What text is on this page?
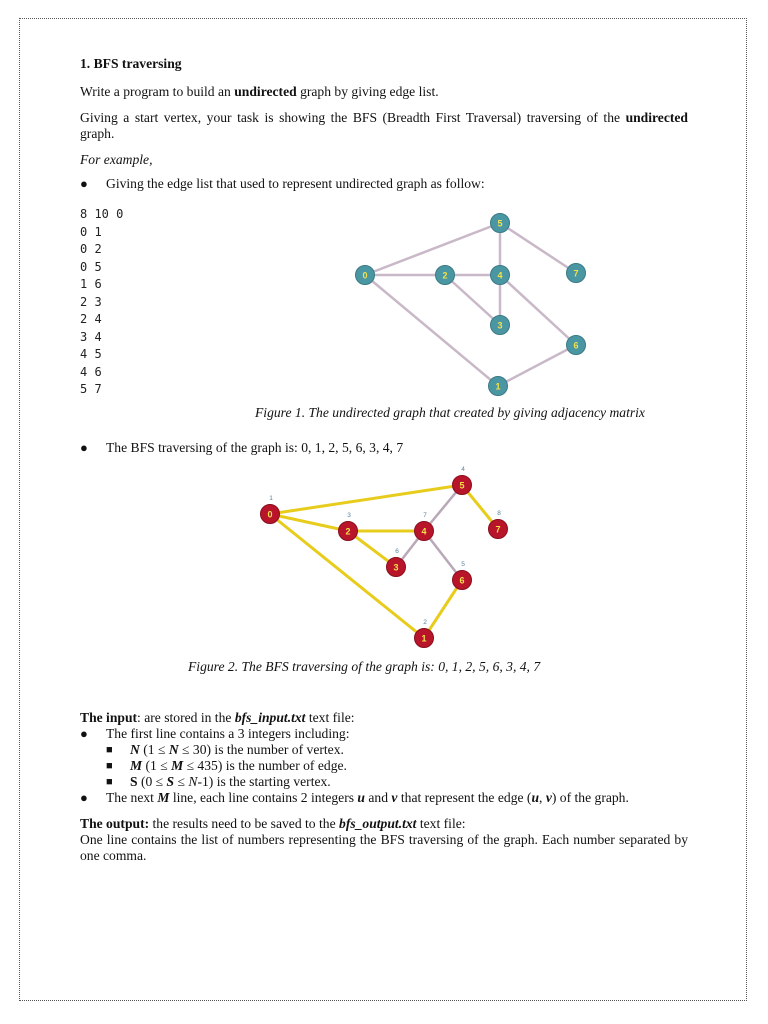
1. BFS traversing

Write a program to build an undirected graph by giving edge list.

Giving a start vertex, your task is showing the BFS (Breadth First Traversal) traversing of the undirected graph.

For example,

●	Giving the edge list that used to represent undirected graph as follow:
8 10 0
0 1
0 2
0 5
1 6
2 3
2 4
3 4
4 5
4 6
5 7
0
1
2
3
4
5
6
7
Figure 1. The undirected graph that created by giving adjacency matrix
●	The BFS traversing of the graph is: 0, 1, 2, 5, 6, 3, 4, 7
0
1
1
2
2
3
3
6
4
7
5
4
6
5
7
8
Figure 2. The BFS traversing of the graph is: 0, 1, 2, 5, 6, 3, 4, 7

The input: are stored in the bfs_input.txt text file:

●	The first line contains a 3 integers including:
■	N (1 ≤ N ≤ 30) is the number of vertex.
■	M (1 ≤ M ≤ 435) is the number of edge.
■	S (0 ≤ S ≤ N-1) is the starting vertex.
●	The next M line, each line contains 2 integers u and v that represent the edge (u, v) of the graph.

The output: the results need to be saved to the bfs_output.txt text file:

One line contains the list of numbers representing the BFS traversing of the graph. Each number separated by one comma.
